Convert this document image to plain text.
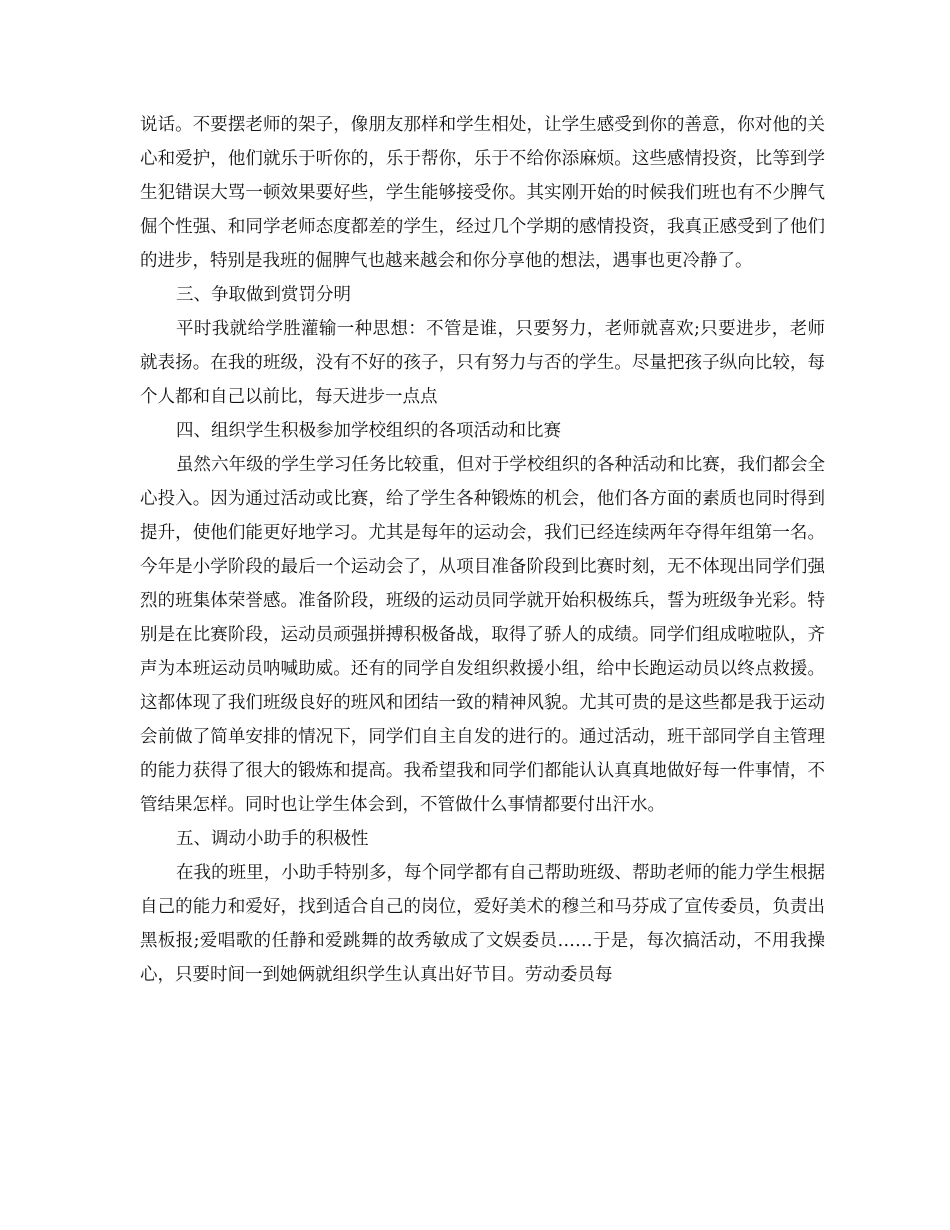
说话。不要摆老师的架子，像朋友那样和学生相处，让学生感受到你的善意，你对他的关心和爱护，他们就乐于听你的，乐于帮你，乐于不给你添麻烦。这些感情投资，比等到学生犯错误大骂一顿效果要好些，学生能够接受你。其实刚开始的时候我们班也有不少脾气倔个性强、和同学老师态度都差的学生，经过几个学期的感情投资，我真正感受到了他们的进步，特别是我班的倔脾气也越来越会和你分享他的想法，遇事也更冷静了。

三、争取做到赏罚分明

平时我就给学胜灌输一种思想：不管是谁，只要努力，老师就喜欢;只要进步，老师就表扬。在我的班级，没有不好的孩子，只有努力与否的学生。尽量把孩子纵向比较，每个人都和自己以前比，每天进步一点点

四、组织学生积极参加学校组织的各项活动和比赛

虽然六年级的学生学习任务比较重，但对于学校组织的各种活动和比赛，我们都会全心投入。因为通过活动或比赛，给了学生各种锻炼的机会，他们各方面的素质也同时得到提升，使他们能更好地学习。尤其是每年的运动会，我们已经连续两年夺得年组第一名。今年是小学阶段的最后一个运动会了，从项目准备阶段到比赛时刻，无不体现出同学们强烈的班集体荣誉感。准备阶段，班级的运动员同学就开始积极练兵，誓为班级争光彩。特别是在比赛阶段，运动员顽强拼搏积极备战，取得了骄人的成绩。同学们组成啦啦队，齐声为本班运动员呐喊助威。还有的同学自发组织救援小组，给中长跑运动员以终点救援。这都体现了我们班级良好的班风和团结一致的精神风貌。尤其可贵的是这些都是我于运动会前做了简单安排的情况下，同学们自主自发的进行的。通过活动，班干部同学自主管理的能力获得了很大的锻炼和提高。我希望我和同学们都能认认真真地做好每一件事情，不管结果怎样。同时也让学生体会到，不管做什么事情都要付出汗水。

五、调动小助手的积极性

在我的班里，小助手特别多，每个同学都有自己帮助班级、帮助老师的能力学生根据自己的能力和爱好，找到适合自己的岗位，爱好美术的穆兰和马芬成了宣传委员，负责出黑板报;爱唱歌的任静和爱跳舞的故秀敏成了文娱委员……于是，每次搞活动，不用我操心，只要时间一到她俩就组织学生认真出好节目。劳动委员每
